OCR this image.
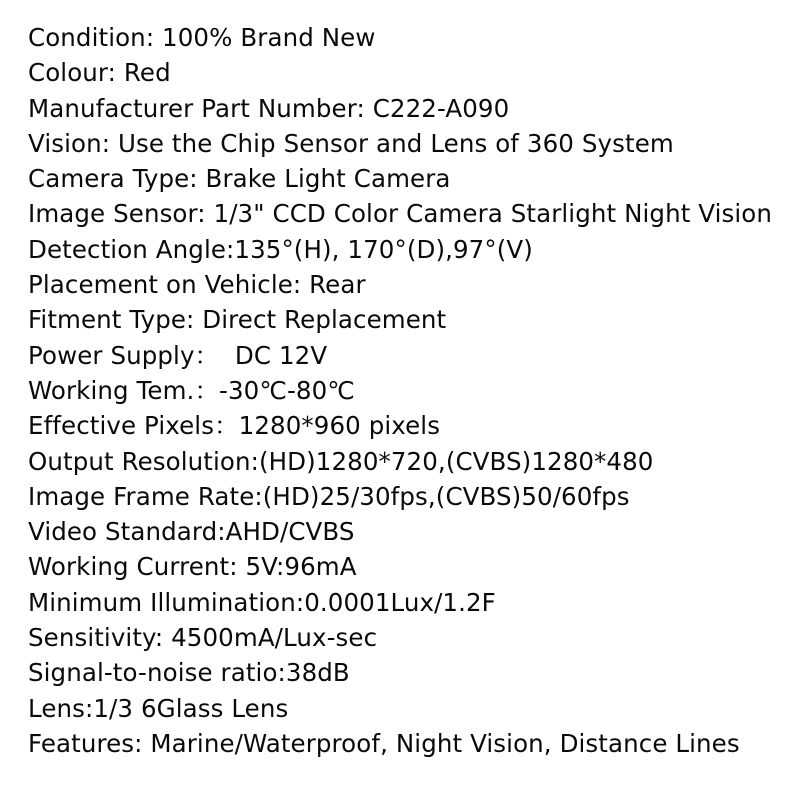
Condition: 100% Brand New
Colour: Red
Manufacturer Part Number: C222-A090
Vision: Use the Chip Sensor and Lens of 360 System
Camera Type: Brake Light Camera
Image Sensor: 1/3" CCD Color Camera Starlight Night Vision
Detection Angle:135°(H), 170°(D),97°(V)
Placement on Vehicle: Rear
Fitment Type: Direct Replacement
Power Supply：  DC 12V
Working Tem.：-30℃-80℃
Effective Pixels：1280*960 pixels
Output Resolution:(HD)1280*720,(CVBS)1280*480
Image Frame Rate:(HD)25/30fps,(CVBS)50/60fps
Video Standard:AHD/CVBS
Working Current: 5V:96mA
Minimum Illumination:0.0001Lux/1.2F
Sensitivity: 4500mA/Lux-sec
Signal-to-noise ratio:38dB
Lens:1/3 6Glass Lens
Features: Marine/Waterproof, Night Vision, Distance Lines
